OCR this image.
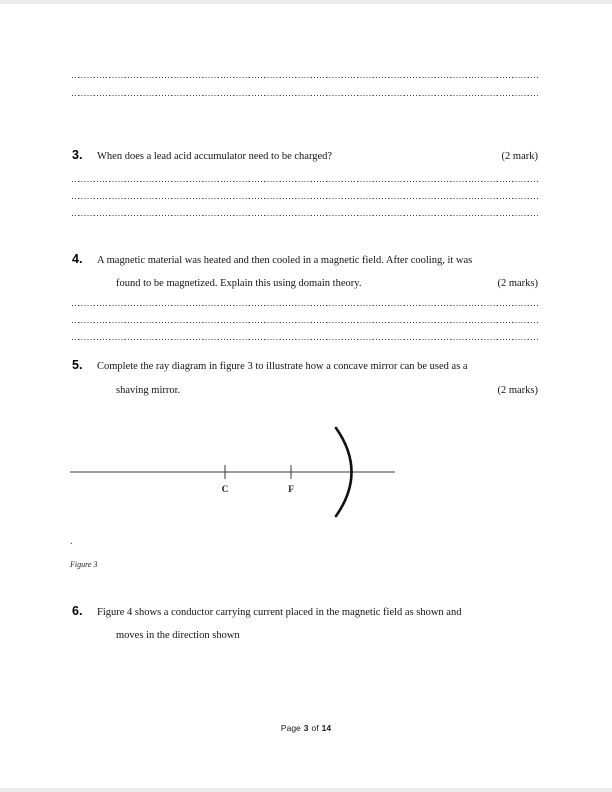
3.	When does a lead acid accumulator need to be charged?	(2 mark)
4.	A magnetic material was heated and then cooled in a magnetic field. After cooling, it was
found to be magnetized. Explain this using domain theory.	(2 marks)
5.	Complete the ray diagram in figure 3 to illustrate how a concave mirror can be used as a
shaving mirror.	(2 marks)
C	F
.
Figure 3
6.	Figure 4 shows a conductor carrying current placed in the magnetic field as shown and
moves in the direction shown
Page 3 of 14
